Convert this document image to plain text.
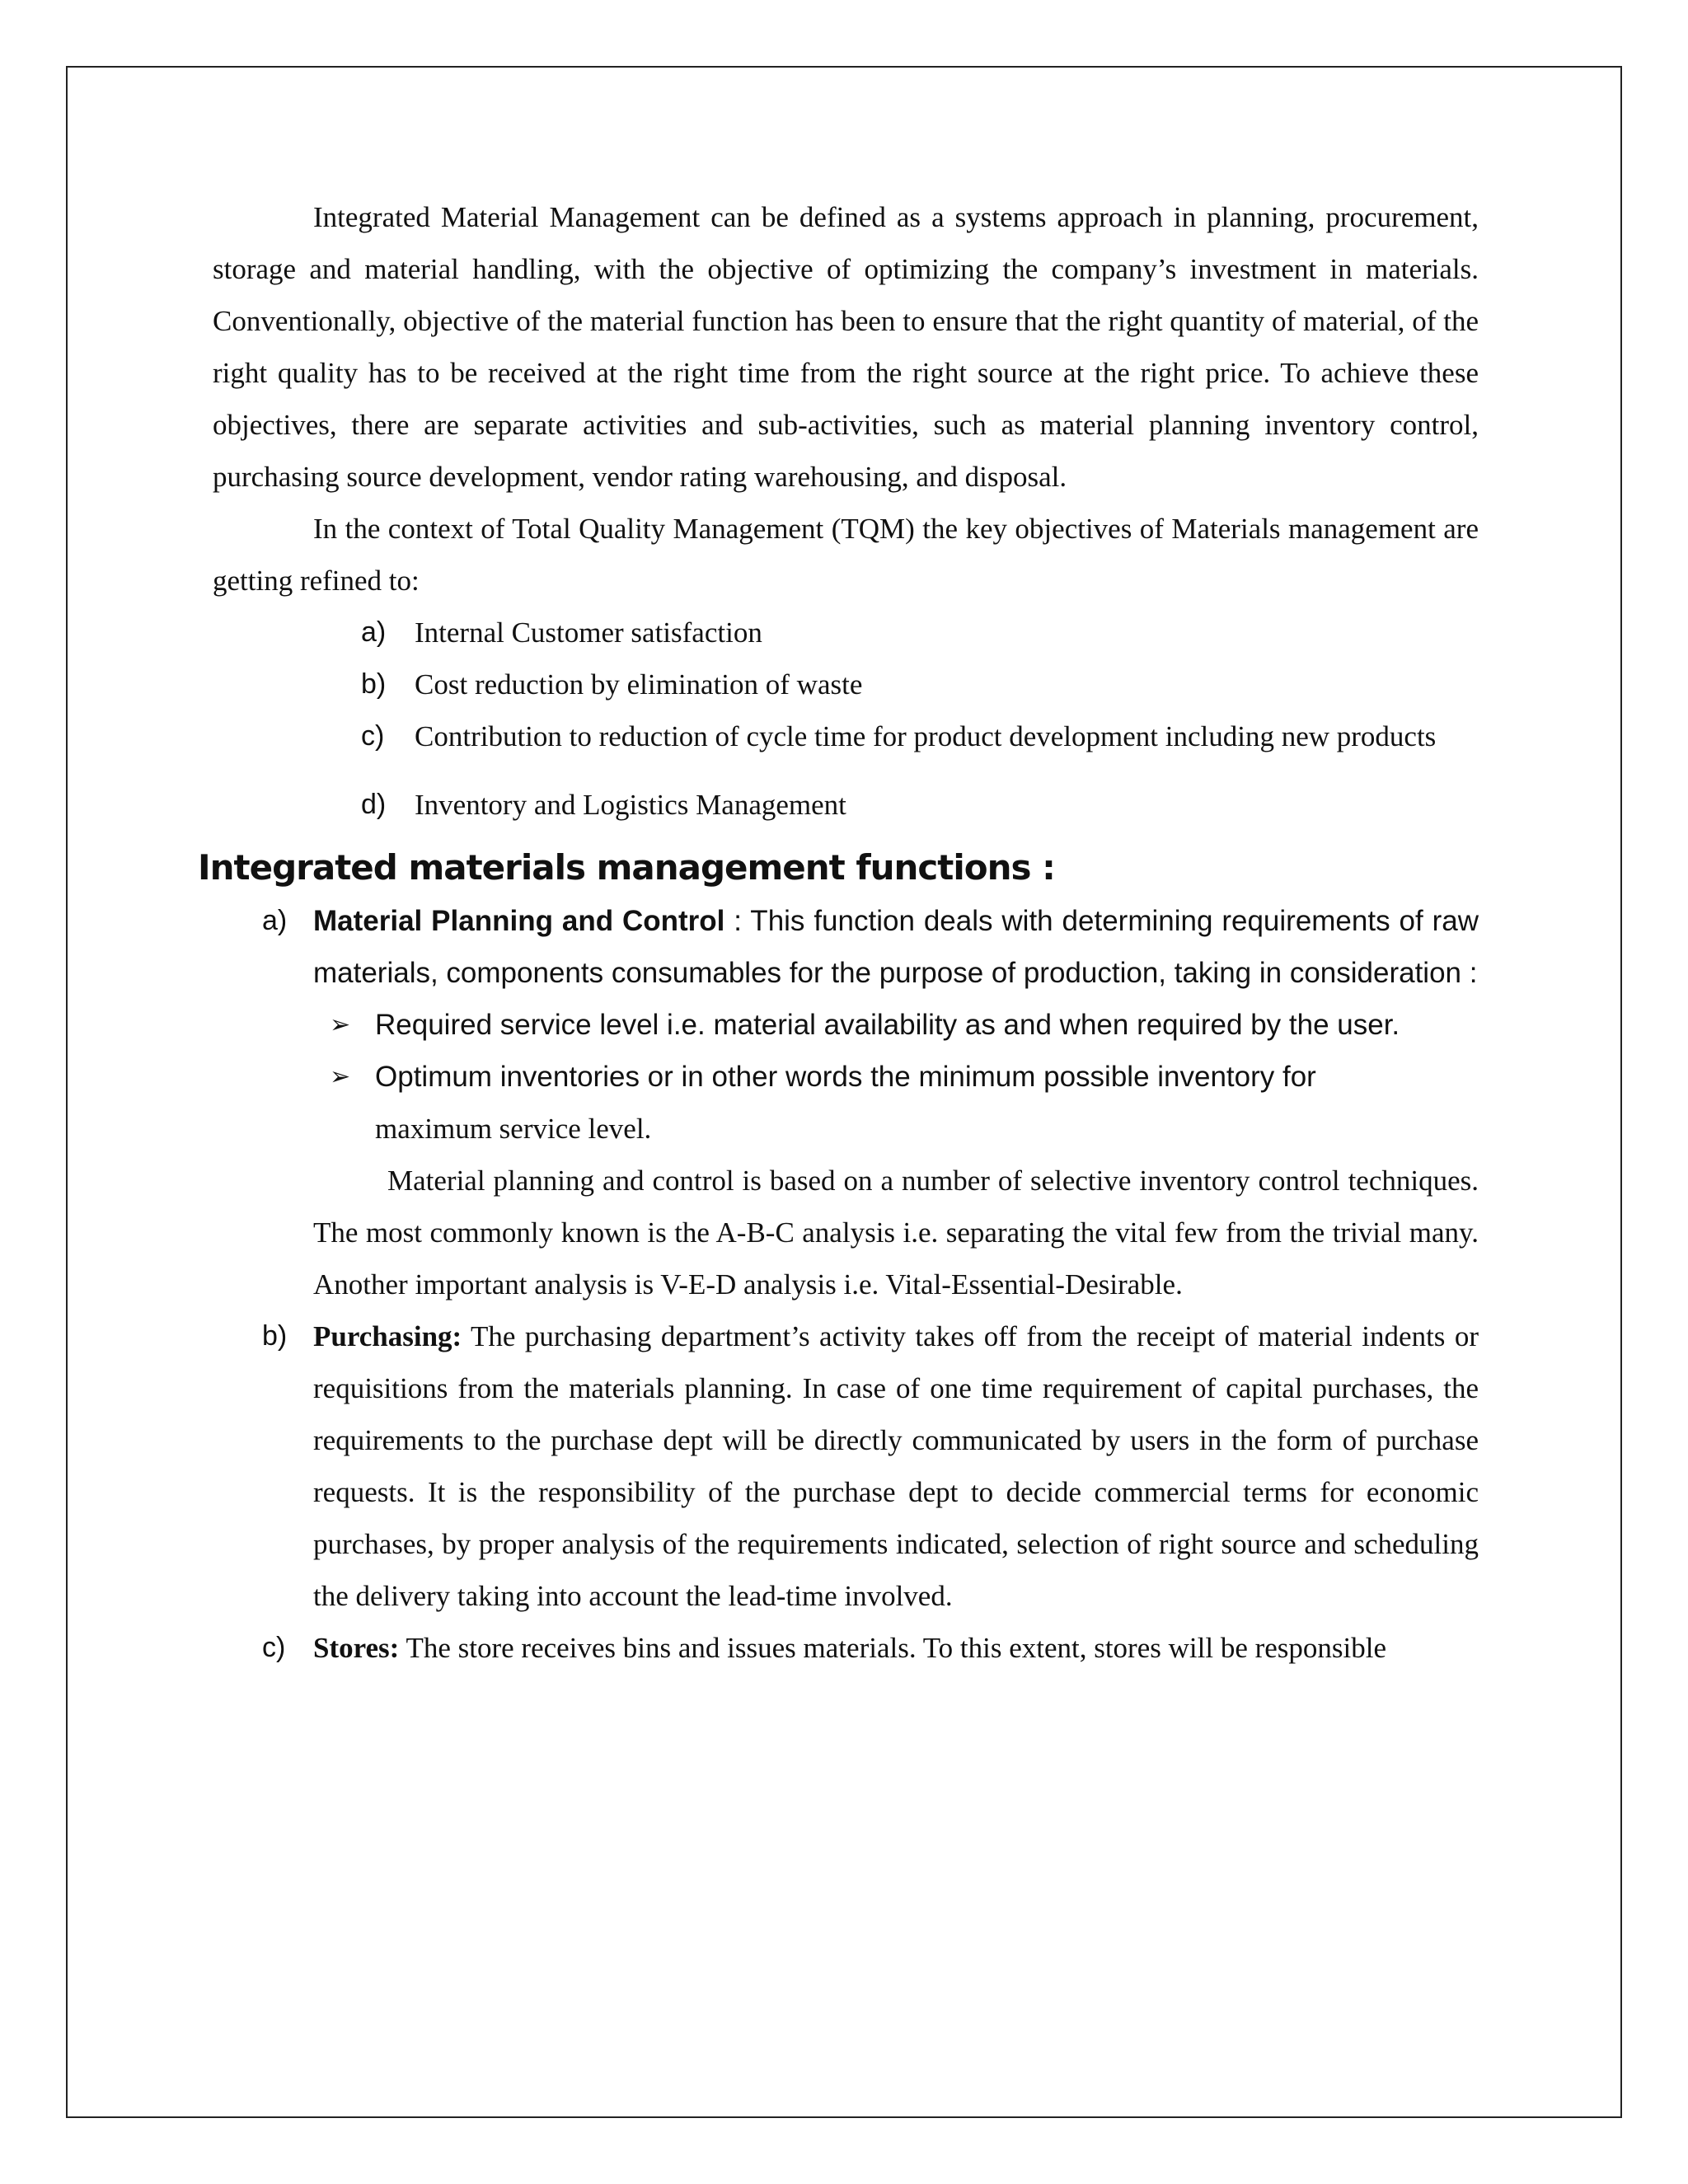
Integrated Material Management can be defined as a systems approach in planning, procurement, storage and material handling, with the objective of optimizing the company’s investment in materials. Conventionally, objective of the material function has been to ensure that the right quantity of material, of the right quality has to be received at the right time from the right source at the right price. To achieve these objectives, there are separate activities and sub-activities, such as material planning inventory control, purchasing source development, vendor rating warehousing, and disposal.

In the context of Total Quality Management (TQM) the key objectives of Materials management are getting refined to:

a) Internal Customer satisfaction
b) Cost reduction by elimination of waste
c) Contribution to reduction of cycle time for product development including new products
d) Inventory and Logistics Management
Integrated materials management functions :
a) Material Planning and Control : This function deals with determining requirements of raw materials, components consumables for the purpose of production, taking in consideration :

➢ Required service level i.e. material availability as and when required by the user.
➢ Optimum inventories or in other words the minimum possible inventory for
maximum service level.

Material planning and control is based on a number of selective inventory control techniques. The most commonly known is the A-B-C analysis i.e. separating the vital few from the trivial many. Another important analysis is V-E-D analysis i.e. Vital-Essential-Desirable.

b) Purchasing: The purchasing department’s activity takes off from the receipt of material indents or requisitions from the materials planning. In case of one time requirement of capital purchases, the requirements to the purchase dept will be directly communicated by users in the form of purchase requests. It is the responsibility of the purchase dept to decide commercial terms for economic purchases, by proper analysis of the requirements indicated, selection of right source and scheduling the delivery taking into account the lead-time involved.

c) Stores: The store receives bins and issues materials. To this extent, stores will be responsible
